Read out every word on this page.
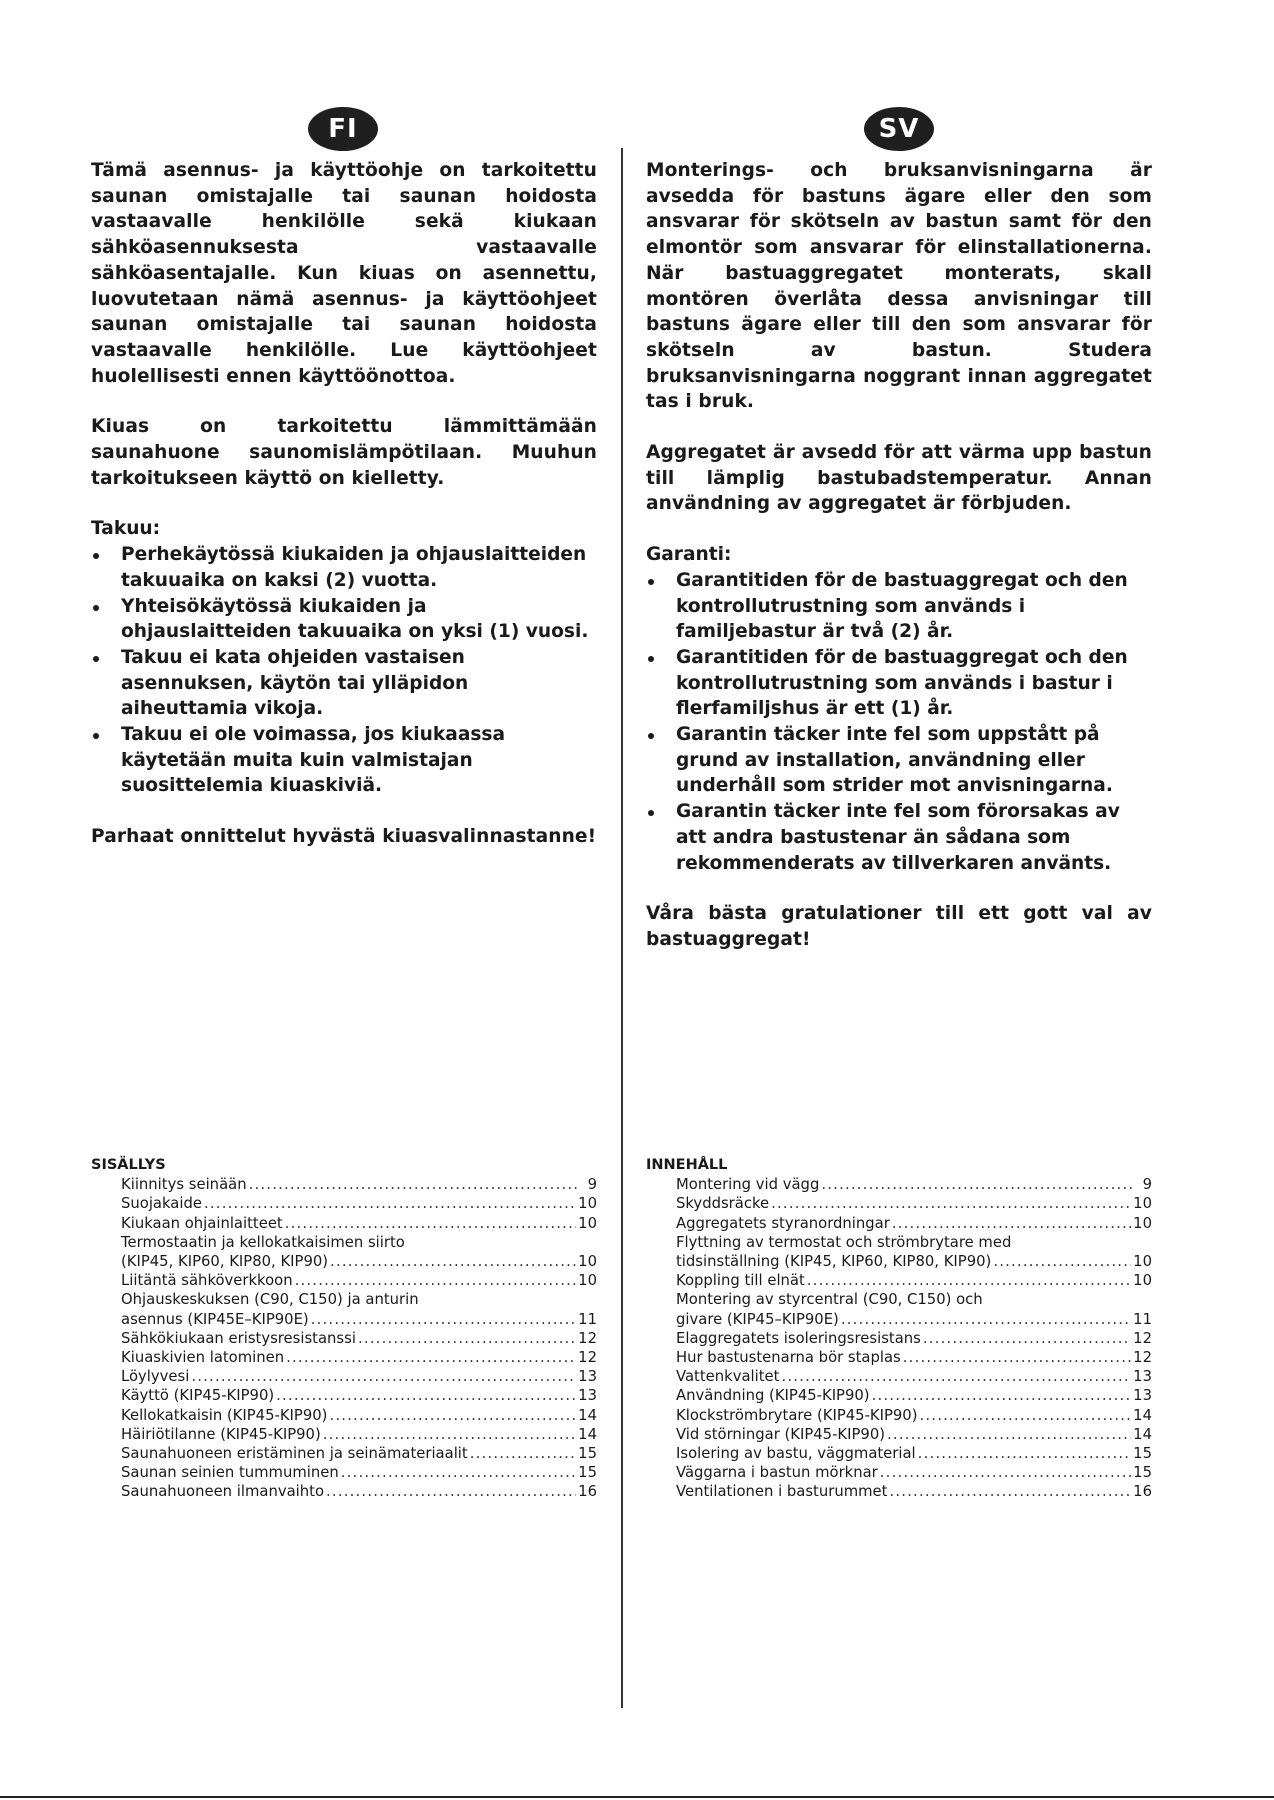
FI	SV

Tämä asennus- ja käyttöohje on tarkoitettu saunan omistajalle tai saunan hoidosta vastaavalle henkilölle sekä kiukaan sähköasennuksesta vastaavalle sähköasentajalle. Kun kiuas on asennettu, luovutetaan nämä asennus- ja käyttöohjeet saunan omistajalle tai saunan hoidosta vastaavalle henkilölle. Lue käyttöohjeet huolellisesti ennen käyttöönottoa.

Kiuas on tarkoitettu lämmittämään saunahuone saunomislämpötilaan. Muuhun tarkoitukseen käyttö on kielletty.

Takuu:

Perhekäytössä kiukaiden ja ohjauslaitteiden takuuaika on kaksi (2) vuotta.
Yhteisökäytössä kiukaiden ja ohjauslaitteiden takuuaika on yksi (1) vuosi.
Takuu ei kata ohjeiden vastaisen asennuksen, käytön tai ylläpidon aiheuttamia vikoja.
Takuu ei ole voimassa, jos kiukaassa käytetään muita kuin valmistajan suosittelemia kiuaskiviä.

Parhaat onnittelut hyvästä kiuasvalinnastanne!

Monterings- och bruksanvisningarna är avsedda för bastuns ägare eller den som ansvarar för skötseln av bastun samt för den elmontör som ansvarar för elinstallationerna. När bastuaggregatet monterats, skall montören överlåta dessa anvisningar till bastuns ägare eller till den som ansvarar för skötseln av bastun. Studera bruksanvisningarna noggrant innan aggregatet tas i bruk.

Aggregatet är avsedd för att värma upp bastun till lämplig bastubadstemperatur. Annan användning av aggregatet är förbjuden.

Garanti:

Garantitiden för de bastuaggregat och den kontrollutrustning som används i familjebastur är två (2) år.
Garantitiden för de bastuaggregat och den kontrollutrustning som används i bastur i flerfamiljshus är ett (1) år.
Garantin täcker inte fel som uppstått på grund av installation, användning eller underhåll som strider mot anvisningarna.
Garantin täcker inte fel som förorsakas av att andra bastustenar än sådana som rekommenderats av tillverkaren använts.

Våra bästa gratulationer till ett gott val av bastuaggregat!

SISÄLLYS

Kiinnitys seinään .....	9
Suojakaide .....	10
Kiukaan ohjainlaitteet .....	10
Termostaatin ja kellokatkaisimen siirto
(KIP45, KIP60, KIP80, KIP90) .....	10
Liitäntä sähköverkkoon .....	10
Ohjauskeskuksen (C90, C150) ja anturin
asennus (KIP45E–KIP90E) .....	11
Sähkökiukaan eristysresistanssi .....	12
Kiuaskivien latominen .....	12
Löylyvesi .....	13
Käyttö (KIP45-KIP90) .....	13
Kellokatkaisin (KIP45-KIP90) .....	14
Häiriötilanne (KIP45-KIP90) .....	14
Saunahuoneen eristäminen ja seinämateriaalit .....	15
Saunan seinien tummuminen .....	15
Saunahuoneen ilmanvaihto .....	16

INNEHÅLL

Montering vid vägg .....	9
Skyddsräcke .....	10
Aggregatets styranordningar .....	10
Flyttning av termostat och strömbrytare med
tidsinställning (KIP45, KIP60, KIP80, KIP90) .....	10
Koppling till elnät .....	10
Montering av styrcentral (C90, C150) och
givare (KIP45–KIP90E) .....	11
Elaggregatets isoleringsresistans .....	12
Hur bastustenarna bör staplas .....	12
Vattenkvalitet .....	13
Användning (KIP45-KIP90) .....	13
Klockströmbrytare (KIP45-KIP90) .....	14
Vid störningar (KIP45-KIP90) .....	14
Isolering av bastu, väggmaterial .....	15
Väggarna i bastun mörknar .....	15
Ventilationen i basturummet .....	16
